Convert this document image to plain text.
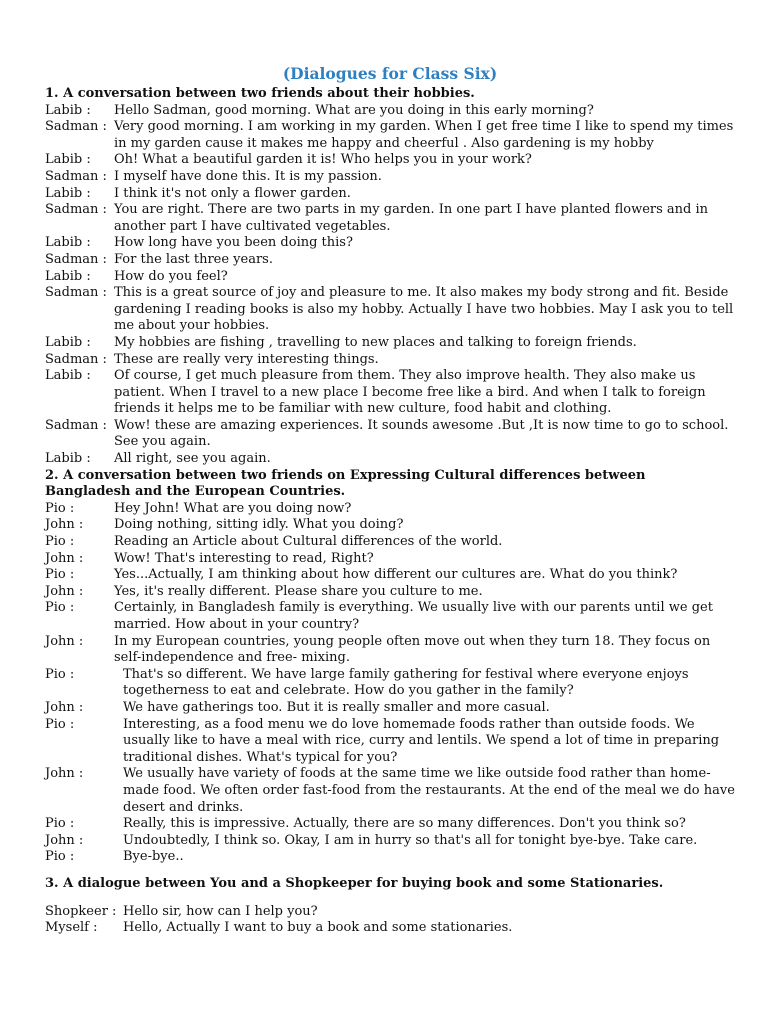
(Dialogues for Class Six)
1. A conversation between two friends about their hobbies.
Labib : Hello Sadman, good morning. What are you doing in this early morning?
Sadman : Very good morning. I am working in my garden. When I get free time I like to spend my times in my garden cause it makes me happy and cheerful . Also gardening is my hobby
Labib : Oh! What a beautiful garden it is! Who helps you in your work?
Sadman : I myself have done this. It is my passion.
Labib : I think it's not only a flower garden.
Sadman : You are right. There are two parts in my garden. In one part I have planted flowers and in another part I have cultivated vegetables.
Labib : How long have you been doing this?
Sadman : For the last three years.
Labib : How do you feel?
Sadman : This is a great source of joy and pleasure to me. It also makes my body strong and fit. Beside gardening I reading books is also my hobby. Actually I have two hobbies. May I ask you to tell me about your hobbies.
Labib : My hobbies are fishing , travelling to new places and talking to foreign friends.
Sadman : These are really very interesting things.
Labib : Of course, I get much pleasure from them. They also improve health. They also make us patient. When I travel to a new place I become free like a bird. And when I talk to foreign friends it helps me to be familiar with new culture, food habit and clothing.
Sadman : Wow! these are amazing experiences. It sounds awesome .But ,It is now time to go to school. See you again.
Labib : All right, see you again.
2. A conversation between two friends on Expressing Cultural differences between Bangladesh and the European Countries.
Pio :	Hey John! What are you doing now?
John : Doing nothing, sitting idly. What you doing?
Pio :	Reading an Article about Cultural differences of the world.
John : Wow! That's interesting to read, Right?
Pio :	Yes...Actually, I am thinking about how different our cultures are. What do you think?
John : Yes, it's really different. Please share you culture to me.
Pio :	Certainly, in Bangladesh family is everything. We usually live with our parents until we get married. How about in your country?
John : In my European countries, young people often move out when they turn 18. They focus on self-independence and free- mixing.
Pio :	That's so different. We have large family gathering for festival where everyone enjoys togetherness to eat and celebrate. How do you gather in the family?
John :	We have gatherings too. But it is really smaller and more casual.
Pio :	Interesting, as a food menu we do love homemade foods rather than outside foods. We usually like to have a meal with rice, curry and lentils. We spend a lot of time in preparing traditional dishes. What's typical for you?
John :	We usually have variety of foods at the same time we like outside food rather than home-made food. We often order fast-food from the restaurants. At the end of the meal we do have desert and drinks.
Pio :	Really, this is impressive. Actually, there are so many differences. Don't you think so?
John :	Undoubtedly, I think so. Okay, I am in hurry so that's all for tonight bye-bye. Take care.
Pio :	Bye-bye..
3. A dialogue between You and a Shopkeeper for buying book and some Stationaries.
Shopkeer : Hello sir, how can I help you?
Myself : Hello, Actually I want to buy a book and some stationaries.
